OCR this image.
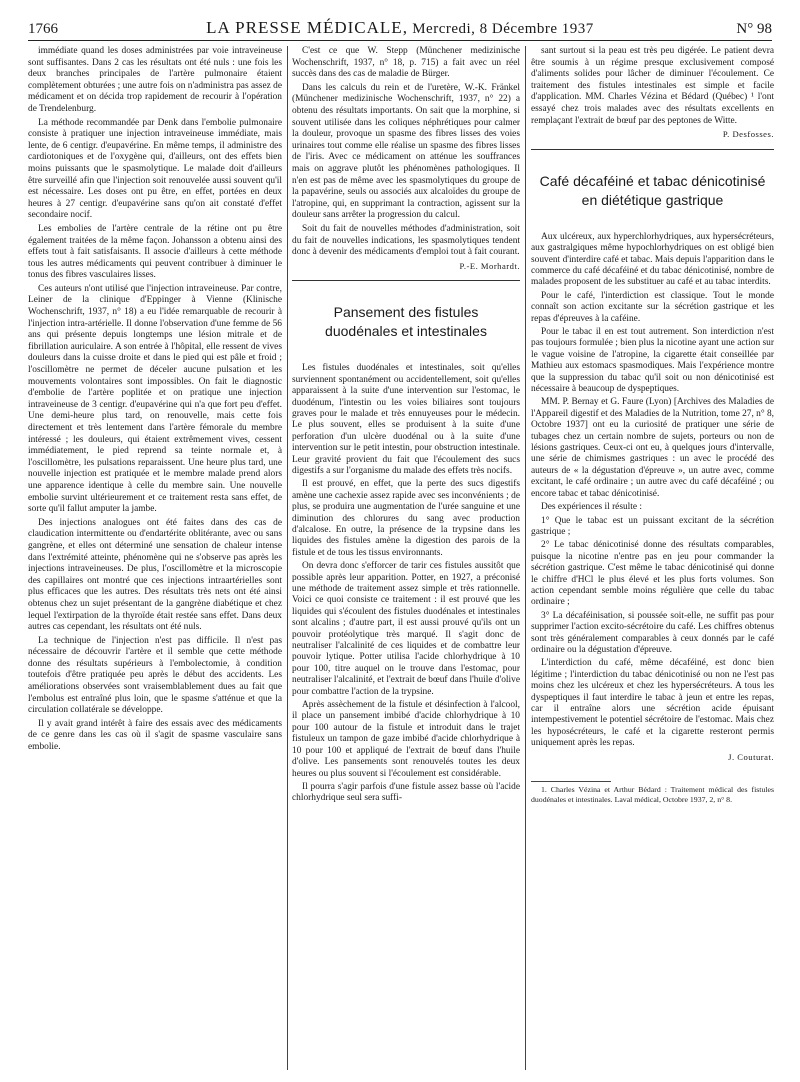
1766	LA PRESSE MÉDICALE, Mercredi, 8 Décembre 1937	N° 98

immédiate quand les doses administrées par voie intraveineuse sont suffisantes. Dans 2 cas les résultats ont été nuls : une fois les deux branches principales de l'artère pulmonaire étaient complètement obturées ; une autre fois on n'administra pas assez de médicament et on décida trop rapidement de recourir à l'opération de Trendelenburg.

La méthode recommandée par Denk dans l'embolie pulmonaire consiste à pratiquer une injection intraveineuse immédiate, mais lente, de 6 centigr. d'eupavérine. En même temps, il administre des cardiotoniques et de l'oxygène qui, d'ailleurs, ont des effets bien moins puissants que le spasmolytique. Le malade doit d'ailleurs être surveillé afin que l'injection soit renouvelée aussi souvent qu'il est nécessaire. Les doses ont pu être, en effet, portées en deux heures à 27 centigr. d'eupavérine sans qu'on ait constaté d'effet secondaire nocif.

Les embolies de l'artère centrale de la rétine ont pu être également traitées de la même façon. Johansson a obtenu ainsi des effets tout à fait satisfaisants. Il associe d'ailleurs à cette méthode tous les autres médicaments qui peuvent contribuer à diminuer le tonus des fibres vasculaires lisses.

Ces auteurs n'ont utilisé que l'injection intraveineuse. Par contre, Leiner de la clinique d'Eppinger à Vienne (Klinische Wochenschrift, 1937, n° 18) a eu l'idée remarquable de recourir à l'injection intra-artérielle. Il donne l'observation d'une femme de 56 ans qui présente depuis longtemps une lésion mitrale et de fibrillation auriculaire. A son entrée à l'hôpital, elle ressent de vives douleurs dans la cuisse droite et dans le pied qui est pâle et froid ; l'oscillomètre ne permet de déceler aucune pulsation et les mouvements volontaires sont impossibles. On fait le diagnostic d'embolie de l'artère poplitée et on pratique une injection intraveineuse de 3 centigr. d'eupavérine qui n'a que fort peu d'effet. Une demi-heure plus tard, on renouvelle, mais cette fois directement et très lentement dans l'artère fémorale du membre intéressé ; les douleurs, qui étaient extrêmement vives, cessent immédiatement, le pied reprend sa teinte normale et, à l'oscillomètre, les pulsations reparaissent. Une heure plus tard, une nouvelle injection est pratiquée et le membre malade prend alors une apparence identique à celle du membre sain. Une nouvelle embolie survint ultérieurement et ce traitement resta sans effet, de sorte qu'il fallut amputer la jambe.

Des injections analogues ont été faites dans des cas de claudication intermittente ou d'endartérite oblitérante, avec ou sans gangrène, et elles ont déterminé une sensation de chaleur intense dans l'extrémité atteinte, phénomène qui ne s'observe pas après les injections intraveineuses. De plus, l'oscillomètre et la microscopie des capillaires ont montré que ces injections intraartérielles sont plus efficaces que les autres. Des résultats très nets ont été ainsi obtenus chez un sujet présentant de la gangrène diabétique et chez lequel l'extirpation de la thyroïde était restée sans effet. Dans deux autres cas cependant, les résultats ont été nuls.

La technique de l'injection n'est pas difficile. Il n'est pas nécessaire de découvrir l'artère et il semble que cette méthode donne des résultats supérieurs à l'embolectomie, à condition toutefois d'être pratiquée peu après le début des accidents. Les améliorations observées sont vraisemblablement dues au fait que l'embolus est entraîné plus loin, que le spasme s'atténue et que la circulation collatérale se développe.

Il y avait grand intérêt à faire des essais avec des médicaments de ce genre dans les cas où il s'agit de spasme vasculaire sans embolie.

C'est ce que W. Stepp (Münchener medizinische Wochenschrift, 1937, n° 18, p. 715) a fait avec un réel succès dans des cas de maladie de Bürger.

Dans les calculs du rein et de l'uretère, W.-K. Fränkel (Münchener medizinische Wochenschrift, 1937, n° 22) a obtenu des résultats importants. On sait que la morphine, si souvent utilisée dans les coliques néphrétiques pour calmer la douleur, provoque un spasme des fibres lisses des voies urinaires tout comme elle réalise un spasme des fibres lisses de l'iris. Avec ce médicament on atténue les souffrances mais on aggrave plutôt les phénomènes pathologiques. Il n'en est pas de même avec les spasmolytiques du groupe de la papavérine, seuls ou associés aux alcaloïdes du groupe de l'atropine, qui, en supprimant la contraction, agissent sur la douleur sans arrêter la progression du calcul.

Soit du fait de nouvelles méthodes d'administration, soit du fait de nouvelles indications, les spasmolytiques tendent donc à devenir des médicaments d'emploi tout à fait courant.

P.-E. Morhardt.

Pansement des fistules duodénales et intestinales

Les fistules duodénales et intestinales, soit qu'elles surviennent spontanément ou accidentellement, soit qu'elles apparaissent à la suite d'une intervention sur l'estomac, le duodénum, l'intestin ou les voies biliaires sont toujours graves pour le malade et très ennuyeuses pour le médecin. Le plus souvent, elles se produisent à la suite d'une perforation d'un ulcère duodénal ou à la suite d'une intervention sur le petit intestin, pour obstruction intestinale. Leur gravité provient du fait que l'écoulement des sucs digestifs a sur l'organisme du malade des effets très nocifs.

Il est prouvé, en effet, que la perte des sucs digestifs amène une cachexie assez rapide avec ses inconvénients ; de plus, se produira une augmentation de l'urée sanguine et une diminution des chlorures du sang avec production d'alcalose. En outre, la présence de la trypsine dans les liquides des fistules amène la digestion des parois de la fistule et de tous les tissus environnants.

On devra donc s'efforcer de tarir ces fistules aussitôt que possible après leur apparition. Potter, en 1927, a préconisé une méthode de traitement assez simple et très rationnelle. Voici ce quoi consiste ce traitement : il est prouvé que les liquides qui s'écoulent des fistules duodénales et intestinales sont alcalins ; d'autre part, il est aussi prouvé qu'ils ont un pouvoir protéolytique très marqué. Il s'agit donc de neutraliser l'alcalinité de ces liquides et de combattre leur pouvoir lytique. Potter utilisa l'acide chlorhydrique à 10 pour 100, titre auquel on le trouve dans l'estomac, pour neutraliser l'alcalinité, et l'extrait de bœuf dans l'huile d'olive pour combattre l'action de la trypsine.

Après assèchement de la fistule et désinfection à l'alcool, il place un pansement imbibé d'acide chlorhydrique à 10 pour 100 autour de la fistule et introduit dans le trajet fistuleux un tampon de gaze imbibé d'acide chlorhydrique à 10 pour 100 et appliqué de l'extrait de bœuf dans l'huile d'olive. Les pansements sont renouvelés toutes les deux heures ou plus souvent si l'écoulement est considérable.

Il pourra s'agir parfois d'une fistule assez basse où l'acide chlorhydrique seul sera suffi-

sant surtout si la peau est très peu digérée. Le patient devra être soumis à un régime presque exclusivement composé d'aliments solides pour lâcher de diminuer l'écoulement. Ce traitement des fistules intestinales est simple et facile d'application. MM. Charles Vézina et Bédard (Québec) ¹ l'ont essayé chez trois malades avec des résultats excellents en remplaçant l'extrait de bœuf par des peptones de Witte.

P. Desfosses.

Café décaféiné et tabac dénicotinisé en diététique gastrique

Aux ulcéreux, aux hyperchlorhydriques, aux hypersécréteurs, aux gastralgiques même hypochlorhydriques on est obligé bien souvent d'interdire café et tabac. Mais depuis l'apparition dans le commerce du café décaféiné et du tabac dénicotinisé, nombre de malades proposent de les substituer au café et au tabac interdits.

Pour le café, l'interdiction est classique. Tout le monde connaît son action excitante sur la sécrétion gastrique et les repas d'épreuves à la caféine.

Pour le tabac il en est tout autrement. Son interdiction n'est pas toujours formulée ; bien plus la nicotine ayant une action sur le vague voisine de l'atropine, la cigarette était conseillée par Mathieu aux estomacs spasmodiques. Mais l'expérience montre que la suppression du tabac qu'il soit ou non dénicotinisé est nécessaire à beaucoup de dyspeptiques.

MM. P. Bernay et G. Faure (Lyon) [Archives des Maladies de l'Appareil digestif et des Maladies de la Nutrition, tome 27, n° 8, Octobre 1937] ont eu la curiosité de pratiquer une série de tubages chez un certain nombre de sujets, porteurs ou non de lésions gastriques. Ceux-ci ont eu, à quelques jours d'intervalle, une série de chimismes gastriques : un avec le procédé des auteurs de « la dégustation d'épreuve », un autre avec, comme excitant, le café ordinaire ; un autre avec du café décaféiné ; ou encore tabac et tabac dénicotinisé.

Des expériences il résulte :

1° Que le tabac est un puissant excitant de la sécrétion gastrique ;

2° Le tabac dénicotinisé donne des résultats comparables, puisque la nicotine n'entre pas en jeu pour commander la sécrétion gastrique. C'est même le tabac dénicotinisé qui donne le chiffre d'HCl le plus élevé et les plus forts volumes. Son action cependant semble moins régulière que celle du tabac ordinaire ;

3° La décaféinisation, si poussée soit-elle, ne suffit pas pour supprimer l'action excito-sécrétoire du café. Les chiffres obtenus sont très généralement comparables à ceux donnés par le café ordinaire ou la dégustation d'épreuve.

L'interdiction du café, même décaféiné, est donc bien légitime ; l'interdiction du tabac dénicotinisé ou non ne l'est pas moins chez les ulcéreux et chez les hypersécréteurs. A tous les dyspeptiques il faut interdire le tabac à jeun et entre les repas, car il entraîne alors une sécrétion acide épuisant intempestivement le potentiel sécrétoire de l'estomac. Mais chez les hyposécréteurs, le café et la cigarette resteront permis uniquement après les repas.

J. Couturat.

1. Charles Vézina et Arthur Bédard : Traitement médical des fistules duodénales et intestinales. Laval médical, Octobre 1937, 2, n° 8.
